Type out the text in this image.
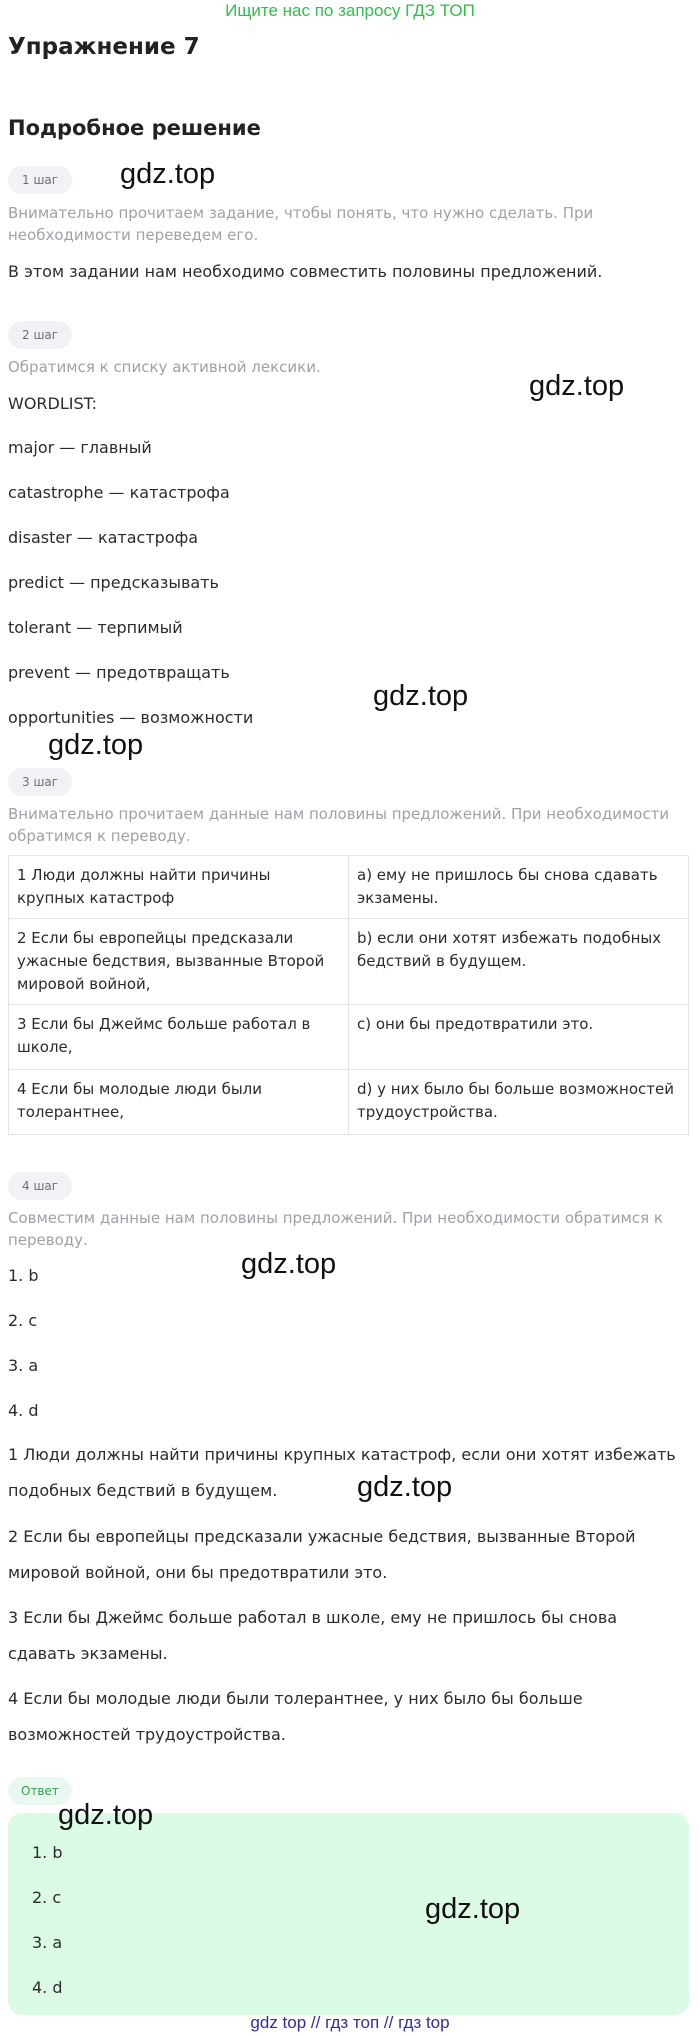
Ищите нас по запросу ГДЗ ТОП
Упражнение 7
Подробное решение
1 шаг
Внимательно прочитаем задание, чтобы понять, что нужно сделать. При необходимости переведем его.
В этом задании нам необходимо совместить половины предложений.
2 шаг
Обратимся к списку активной лексики.
WORDLIST:
major — главный
catastrophe — катастрофа
disaster — катастрофа
predict — предсказывать
tolerant — терпимый
prevent — предотвращать
opportunities — возможности
3 шаг
Внимательно прочитаем данные нам половины предложений. При необходимости обратимся к переводу.
1 Люди должны найти причины крупных катастроф	a) ему не пришлось бы снова сдавать экзамены.
2 Если бы европейцы предсказали ужасные бедствия, вызванные Второй мировой войной,	b) если они хотят избежать подобных бедствий в будущем.
3 Если бы Джеймс больше работал в школе,	c) они бы предотвратили это.
4 Если бы молодые люди были толерантнее,	d) у них было бы больше возможностей трудоустройства.
4 шаг
Совместим данные нам половины предложений. При необходимости обратимся к переводу.
1. b
2. c
3. a
4. d
1 Люди должны найти причины крупных катастроф, если они хотят избежать подобных бедствий в будущем.
2 Если бы европейцы предсказали ужасные бедствия, вызванные Второй мировой войной, они бы предотвратили это.
3 Если бы Джеймс больше работал в школе, ему не пришлось бы снова сдавать экзамены.
4 Если бы молодые люди были толерантнее, у них было бы больше возможностей трудоустройства.
Ответ
1. b
2. c
3. a
4. d
gdz.top
gdz.top
gdz.top
gdz.top
gdz.top
gdz.top
gdz.top
gdz.top
gdz top // гдз топ // гдз top
